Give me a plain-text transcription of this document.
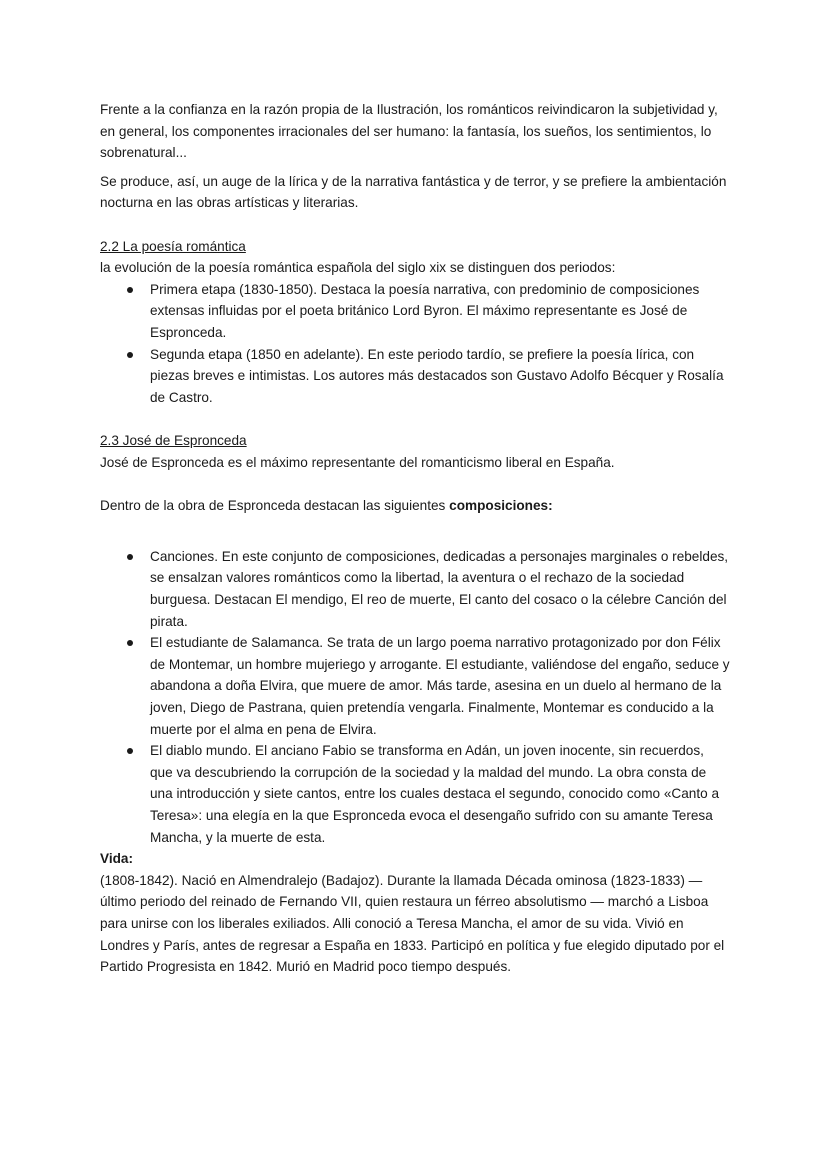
Frente a la confianza en la razón propia de la Ilustración, los románticos reivindicaron la subjetividad y, en general, los componentes irracionales del ser humano: la fantasía, los sueños, los sentimientos, lo sobrenatural...

Se produce, así, un auge de la lírica y de la narrativa fantástica y de terror, y se prefiere la ambientación nocturna en las obras artísticas y literarias.

2.2 La poesía romántica

la evolución de la poesía romántica española del siglo xix se distinguen dos periodos:

Primera etapa (1830-1850). Destaca la poesía narrativa, con predominio de composiciones extensas influidas por el poeta británico Lord Byron. El máximo representante es José de Espronceda.
Segunda etapa (1850 en adelante). En este periodo tardío, se prefiere la poesía lírica, con piezas breves e intimistas. Los autores más destacados son Gustavo Adolfo Bécquer y Rosalía de Castro.

2.3 José de Espronceda

José de Espronceda es el máximo representante del romanticismo liberal en España.

Dentro de la obra de Espronceda destacan las siguientes composiciones:

Canciones. En este conjunto de composiciones, dedicadas a personajes marginales o rebeldes, se ensalzan valores románticos como la libertad, la aventura o el rechazo de la sociedad burguesa. Destacan El mendigo, El reo de muerte, El canto del cosaco o la célebre Canción del pirata.
El estudiante de Salamanca. Se trata de un largo poema narrativo protagonizado por don Félix de Montemar, un hombre mujeriego y arrogante. El estudiante, valiéndose del engaño, seduce y abandona a doña Elvira, que muere de amor. Más tarde, asesina en un duelo al hermano de la joven, Diego de Pastrana, quien pretendía vengarla. Finalmente, Montemar es conducido a la muerte por el alma en pena de Elvira.
El diablo mundo. El anciano Fabio se transforma en Adán, un joven inocente, sin recuerdos, que va descubriendo la corrupción de la sociedad y la maldad del mundo. La obra consta de una introducción y siete cantos, entre los cuales destaca el segundo, conocido como «Canto a Teresa»: una elegía en la que Espronceda evoca el desengaño sufrido con su amante Teresa Mancha, y la muerte de esta.

Vida:

(1808-1842). Nació en Almendralejo (Badajoz). Durante la llamada Década ominosa (1823-1833) — último periodo del reinado de Fernando VII, quien restaura un férreo absolutismo — marchó a Lisboa para unirse con los liberales exiliados. Alli conoció a Teresa Mancha, el amor de su vida. Vivió en Londres y París, antes de regresar a España en 1833. Participó en política y fue elegido diputado por el Partido Progresista en 1842. Murió en Madrid poco tiempo después.
